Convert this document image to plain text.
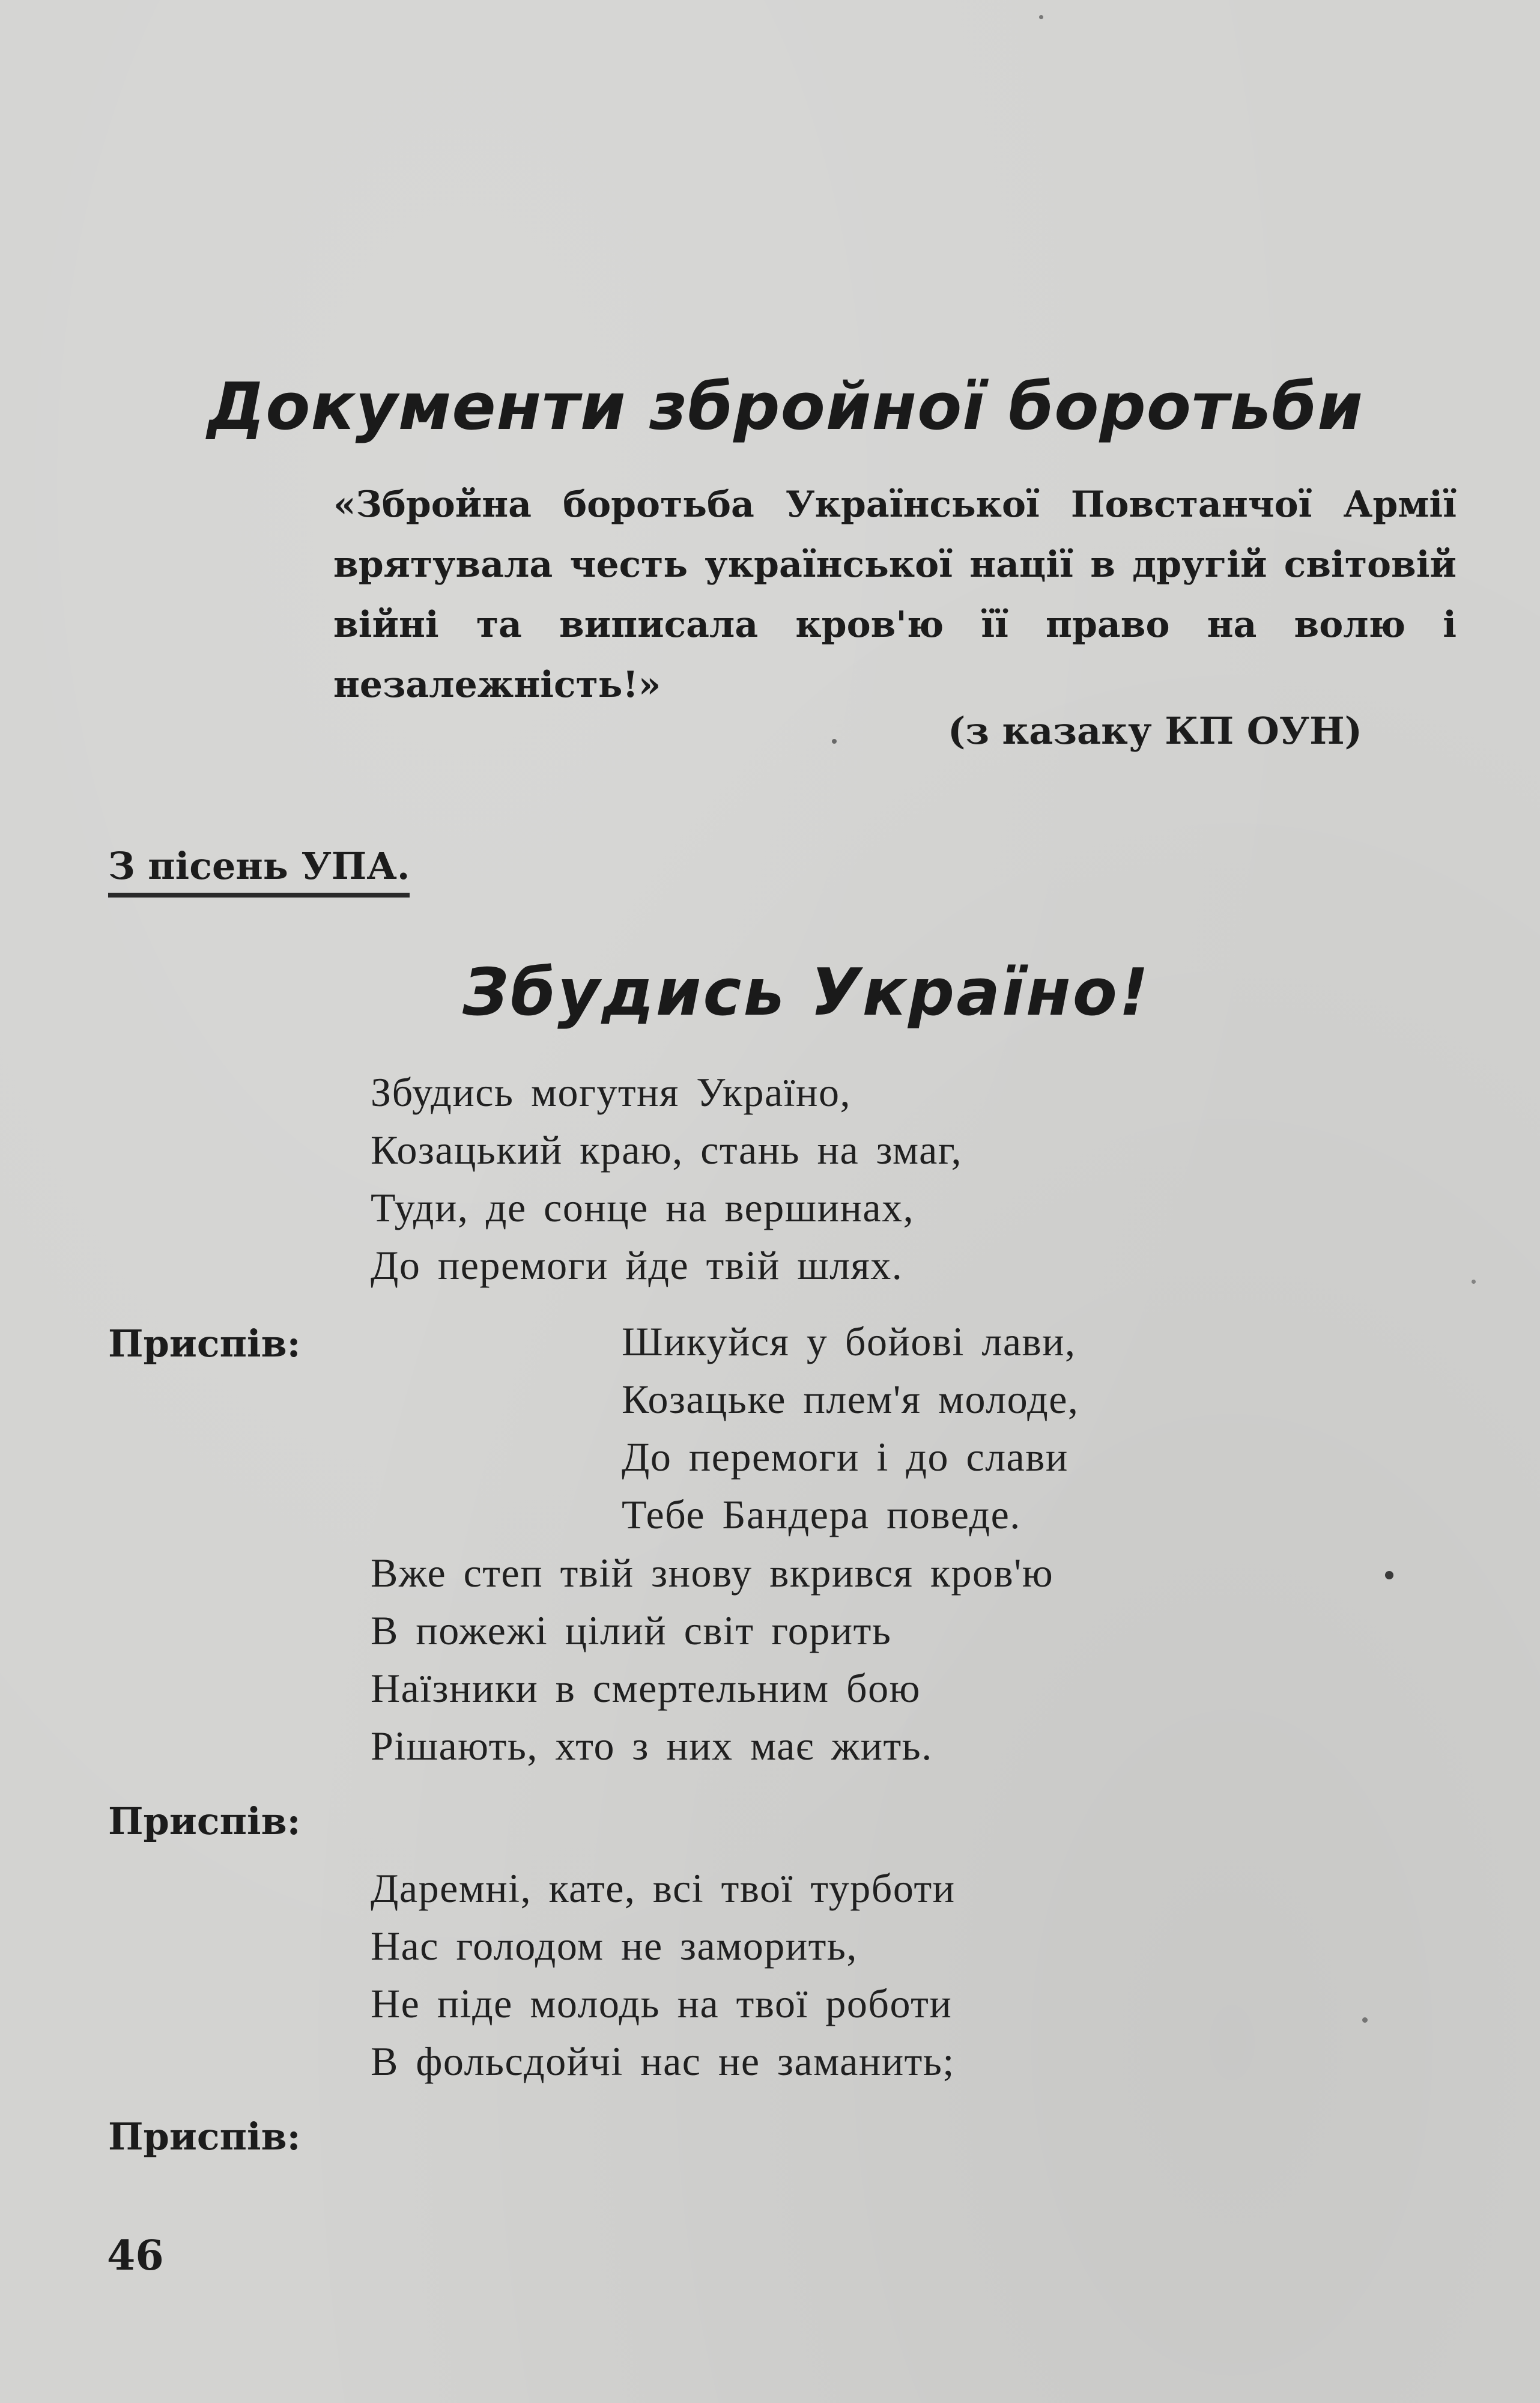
Документи збройної боротьби
«Збройна боротьба Української Повстанчої Армії врятувала честь української нації в другій світовій війні та виписала кров'ю її право на волю і незалежність!»
(з казаку КП ОУН)
З пісень УПА.
Збудись Україно!
Збудись могутня Україно,
Козацький краю, стань на змаг,
Туди, де сонце на вершинах,
До перемоги йде твій шлях.
Приспів:	Шикуйся у бойові лави,
Козацьке плем'я молоде,
До перемоги і до слави
Тебе Бандера поведе.
Вже степ твій знову вкрився кров'ю
В пожежі цілий світ горить
Наїзники в смертельним бою
Рішають, хто з них має жить.
Приспів:
Даремні, кате, всі твої турботи
Нас голодом не заморить,
Не піде молодь на твої роботи
В фольсдойчі нас не заманить;
Приспів:
46
